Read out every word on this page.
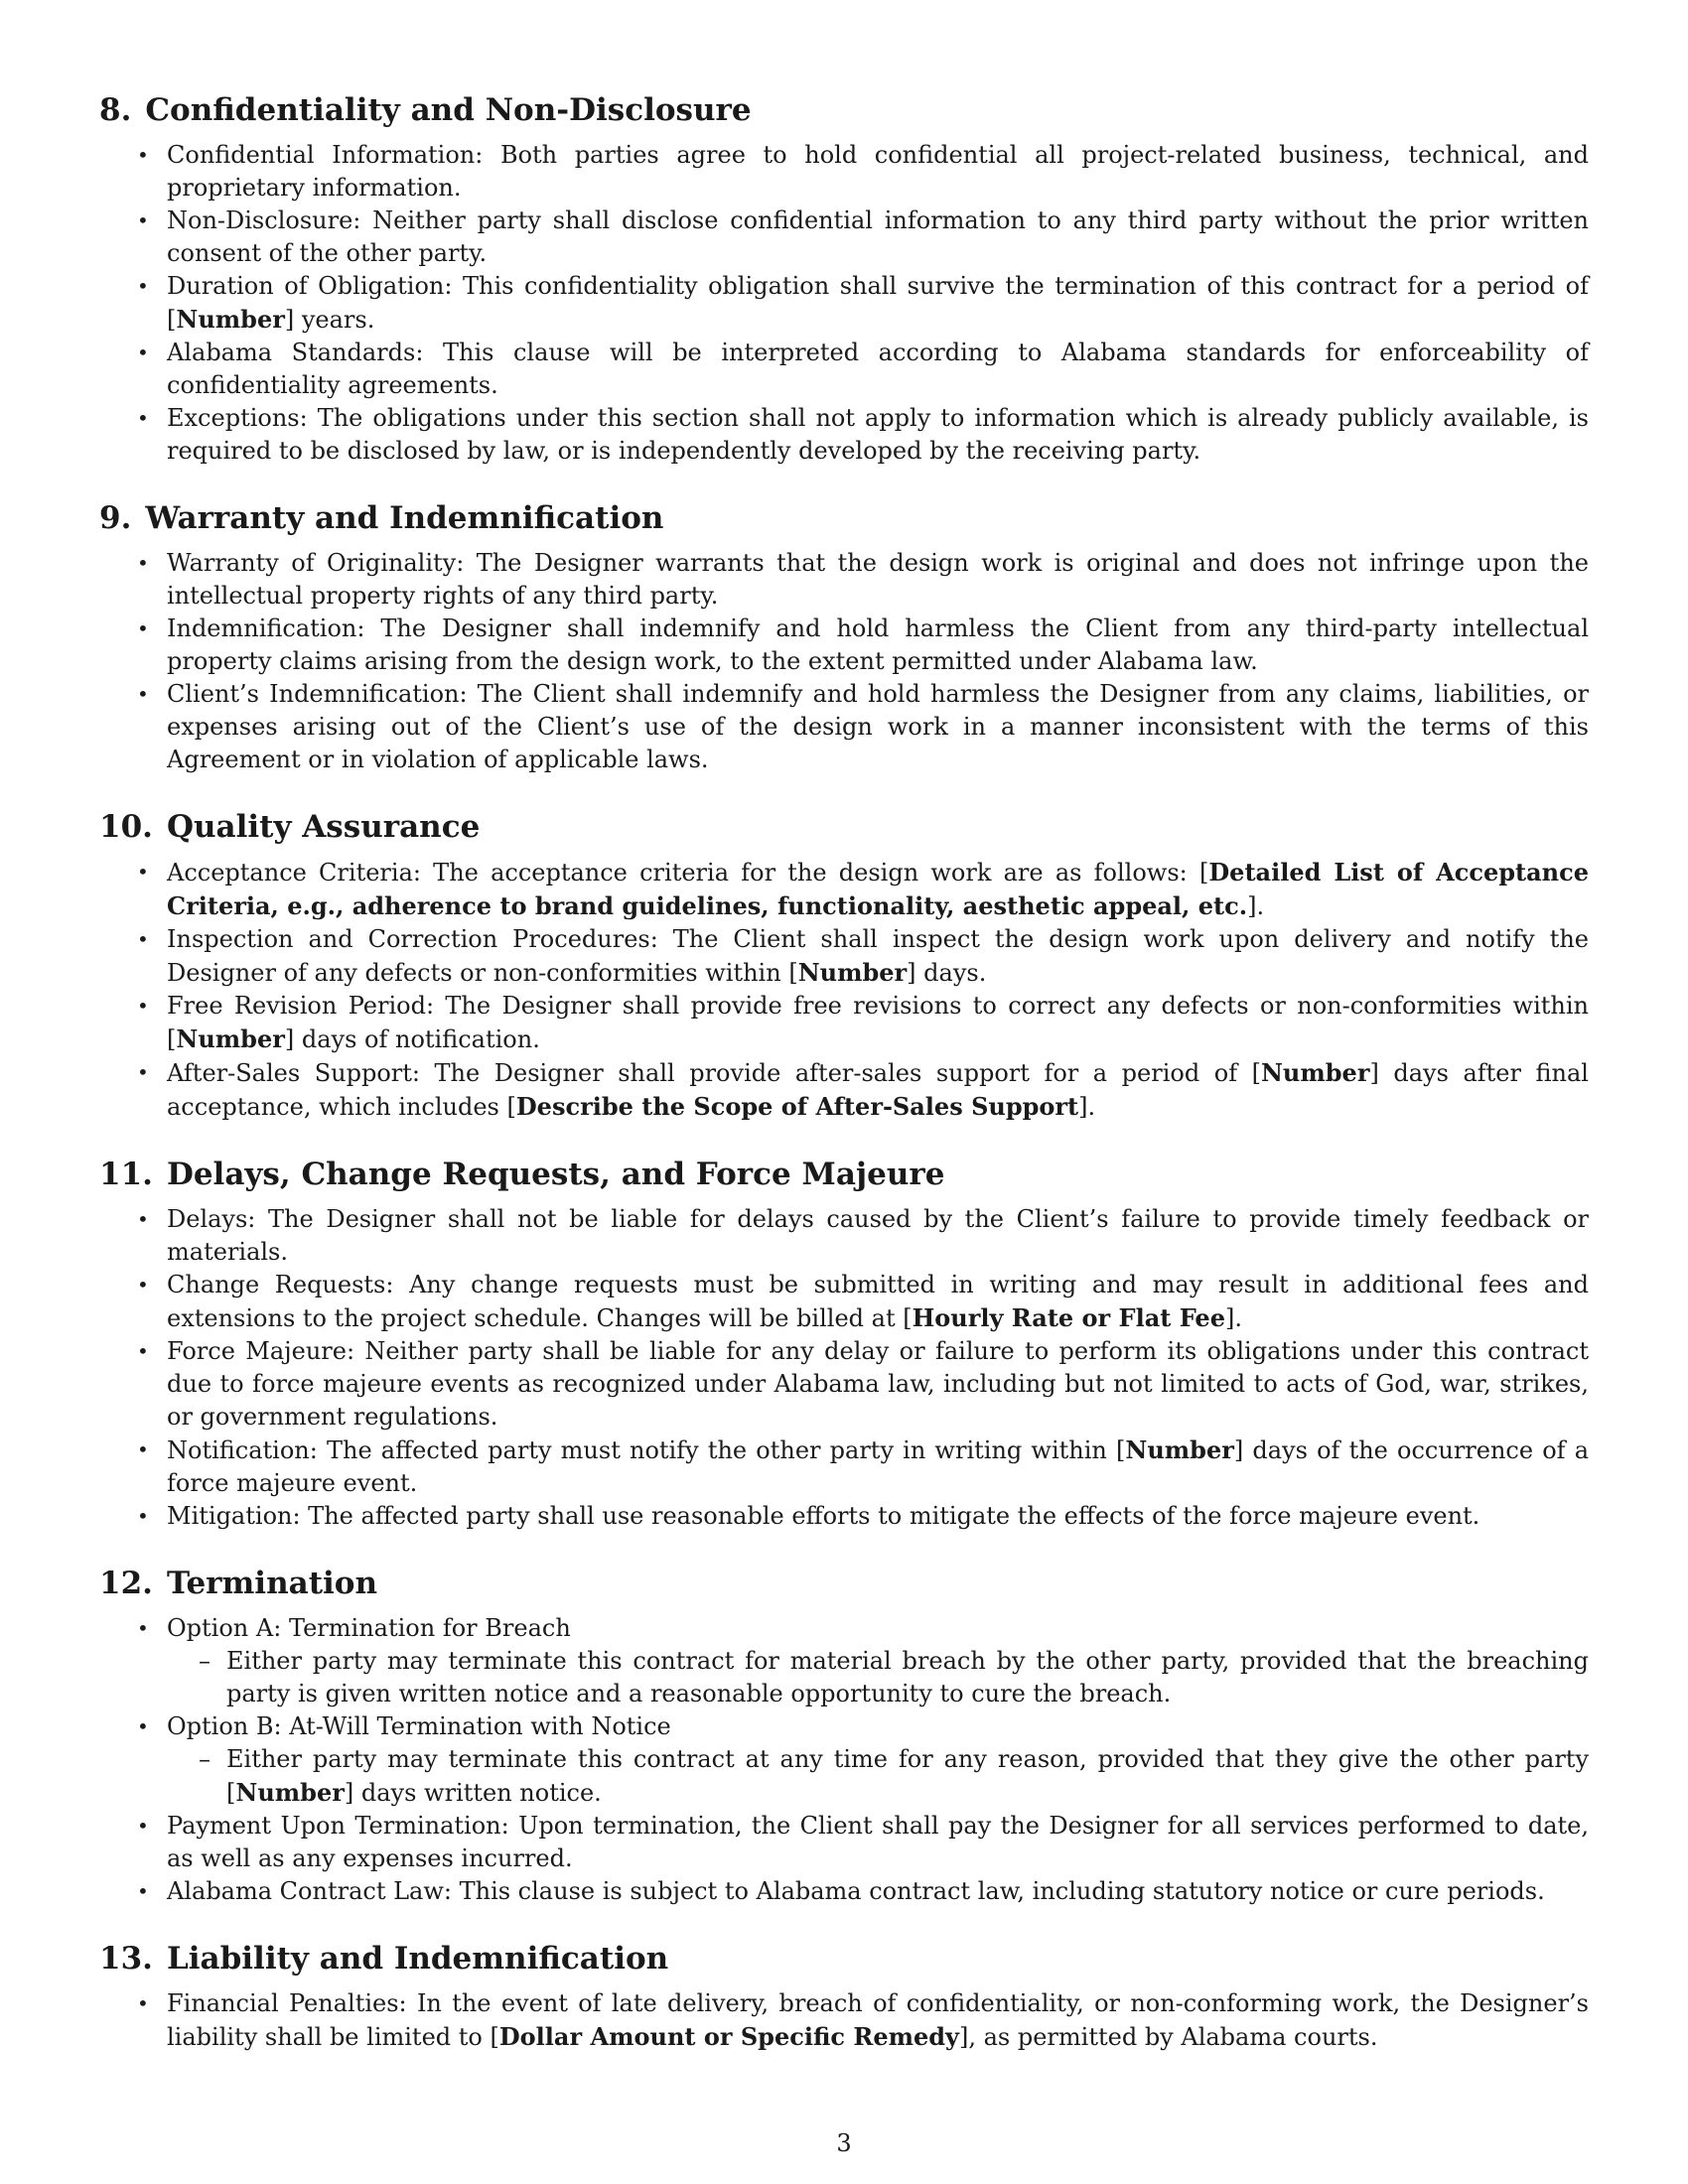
8. Confidentiality and Non-Disclosure
• Confidential Information: Both parties agree to hold confidential all project-related business, technical, and proprietary information.
• Non-Disclosure: Neither party shall disclose confidential information to any third party without the prior written consent of the other party.
• Duration of Obligation: This confidentiality obligation shall survive the termination of this contract for a period of [Number] years.
• Alabama Standards: This clause will be interpreted according to Alabama standards for enforceability of confidentiality agreements.
• Exceptions: The obligations under this section shall not apply to information which is already publicly available, is required to be disclosed by law, or is independently developed by the receiving party.
9. Warranty and Indemnification
• Warranty of Originality: The Designer warrants that the design work is original and does not infringe upon the intellectual property rights of any third party.
• Indemnification: The Designer shall indemnify and hold harmless the Client from any third-party intellectual property claims arising from the design work, to the extent permitted under Alabama law.
• Client’s Indemnification: The Client shall indemnify and hold harmless the Designer from any claims, liabilities, or expenses arising out of the Client’s use of the design work in a manner inconsistent with the terms of this Agreement or in violation of applicable laws.
10. Quality Assurance
• Acceptance Criteria: The acceptance criteria for the design work are as follows: [Detailed List of Acceptance Criteria, e.g., adherence to brand guidelines, functionality, aesthetic appeal, etc.].
• Inspection and Correction Procedures: The Client shall inspect the design work upon delivery and notify the Designer of any defects or non-conformities within [Number] days.
• Free Revision Period: The Designer shall provide free revisions to correct any defects or non-conformities within [Number] days of notification.
• After-Sales Support: The Designer shall provide after-sales support for a period of [Number] days after final acceptance, which includes [Describe the Scope of After-Sales Support].
11. Delays, Change Requests, and Force Majeure
• Delays: The Designer shall not be liable for delays caused by the Client’s failure to provide timely feedback or materials.
• Change Requests: Any change requests must be submitted in writing and may result in additional fees and extensions to the project schedule. Changes will be billed at [Hourly Rate or Flat Fee].
• Force Majeure: Neither party shall be liable for any delay or failure to perform its obligations under this contract due to force majeure events as recognized under Alabama law, including but not limited to acts of God, war, strikes, or government regulations.
• Notification: The affected party must notify the other party in writing within [Number] days of the occurrence of a force majeure event.
• Mitigation: The affected party shall use reasonable efforts to mitigate the effects of the force majeure event.
12. Termination
• Option A: Termination for Breach
– Either party may terminate this contract for material breach by the other party, provided that the breaching party is given written notice and a reasonable opportunity to cure the breach.
• Option B: At-Will Termination with Notice
– Either party may terminate this contract at any time for any reason, provided that they give the other party [Number] days written notice.
• Payment Upon Termination: Upon termination, the Client shall pay the Designer for all services performed to date, as well as any expenses incurred.
• Alabama Contract Law: This clause is subject to Alabama contract law, including statutory notice or cure periods.
13. Liability and Indemnification
• Financial Penalties: In the event of late delivery, breach of confidentiality, or non-conforming work, the Designer’s liability shall be limited to [Dollar Amount or Specific Remedy], as permitted by Alabama courts.
3
